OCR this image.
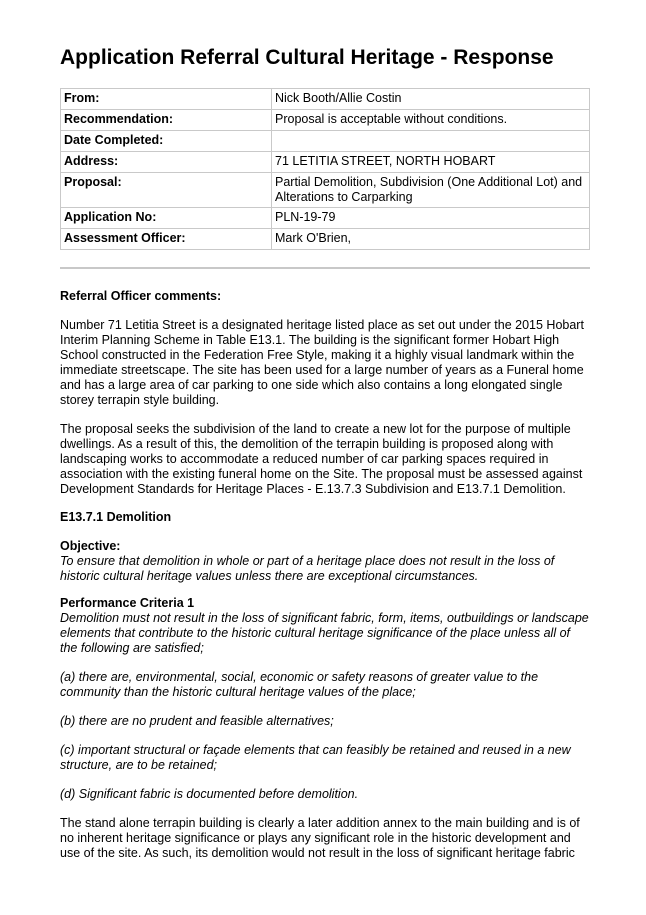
Application Referral Cultural Heritage - Response
From:	Nick Booth/Allie Costin
Recommendation:	Proposal is acceptable without conditions.
Date Completed:	
Address:	71 LETITIA STREET, NORTH HOBART
Proposal:	Partial Demolition, Subdivision (One Additional Lot) and Alterations to Carparking
Application No:	PLN-19-79
Assessment Officer:	Mark O'Brien,

Referral Officer comments:

Number 71 Letitia Street is a designated heritage listed place as set out under the 2015 Hobart Interim Planning Scheme in Table E13.1. The building is the significant former Hobart High School constructed in the Federation Free Style, making it a highly visual landmark within the immediate streetscape. The site has been used for a large number of years as a Funeral home and has a large area of car parking to one side which also contains a long elongated single storey terrapin style building.

The proposal seeks the subdivision of the land to create a new lot for the purpose of multiple dwellings. As a result of this, the demolition of the terrapin building is proposed along with landscaping works to accommodate a reduced number of car parking spaces required in association with the existing funeral home on the Site. The proposal must be assessed against Development Standards for Heritage Places - E.13.7.3 Subdivision and E13.7.1 Demolition.

E13.7.1 Demolition

Objective:

To ensure that demolition in whole or part of a heritage place does not result in the loss of historic cultural heritage values unless there are exceptional circumstances.

Performance Criteria 1

Demolition must not result in the loss of significant fabric, form, items, outbuildings or landscape elements that contribute to the historic cultural heritage significance of the place unless all of the following are satisfied;

(a) there are, environmental, social, economic or safety reasons of greater value to the community than the historic cultural heritage values of the place;

(b) there are no prudent and feasible alternatives;

(c) important structural or façade elements that can feasibly be retained and reused in a new structure, are to be retained;

(d) Significant fabric is documented before demolition.

The stand alone terrapin building is clearly a later addition annex to the main building and is of no inherent heritage significance or plays any significant role in the historic development and use of the site. As such, its demolition would not result in the loss of significant heritage fabric
